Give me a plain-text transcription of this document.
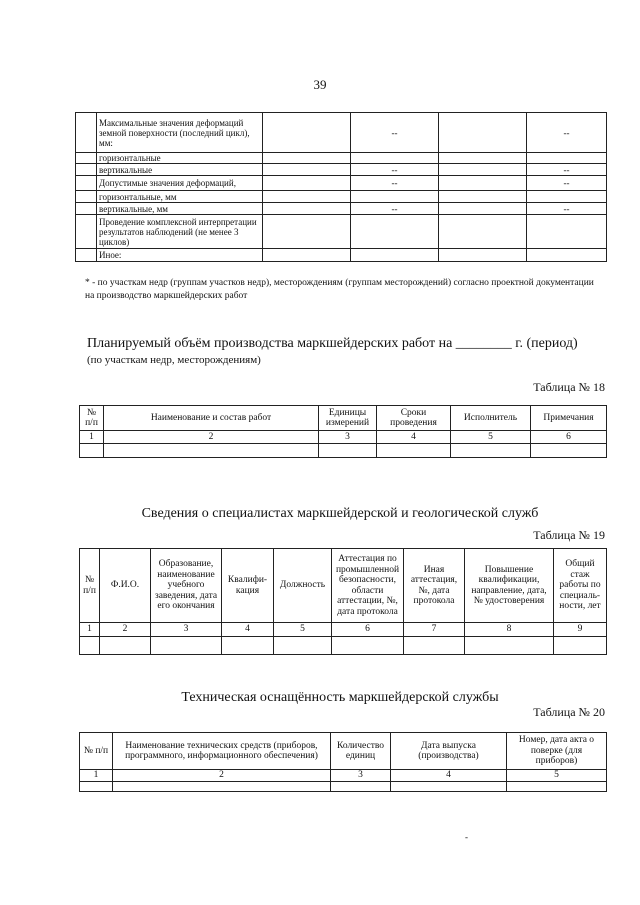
39
	Максимальные значения деформаций земной поверхности (последний цикл), мм:		--		--
	горизонтальные				
	вертикальные		--		--
	Допустимые значения деформаций,		--		--
	горизонтальные, мм				
	вертикальные, мм		--		--
	Проведение комплексной интерпретации результатов наблюдений (не менее 3 циклов)				
	Иное:				
* - по участкам недр (группам участков недр), месторождениям (группам месторождений) согласно проектной документации на производство маркшейдерских работ
Планируемый объём производства маркшейдерских работ на ________ г. (период)
(по участкам недр, месторождениям)
Таблица № 18
№ п/п	Наименование и состав работ	Единицы измерений	Сроки проведения	Исполнитель	Примечания
1	2	3	4	5	6

Сведения о специалистах маркшейдерской и геологической служб
Таблица № 19
№ п/п	Ф.И.О.	Образование, наименование учебного заведения, дата его окончания	Квалифи-кация	Должность	Аттестация по промышленной безопасности, области аттестации, №, дата протокола	Иная аттестация, №, дата протокола	Повышение квалификации, направление, дата, № удостоверения	Общий стаж работы по специаль-ности, лет
1	2	3	4	5	6	7	8	9

Техническая оснащённость маркшейдерской службы
Таблица № 20
№ п/п	Наименование технических средств (приборов, программного, информационного обеспечения)	Количество единиц	Дата выпуска (производства)	Номер, дата акта о поверке (для приборов)
1	2	3	4	5

-
